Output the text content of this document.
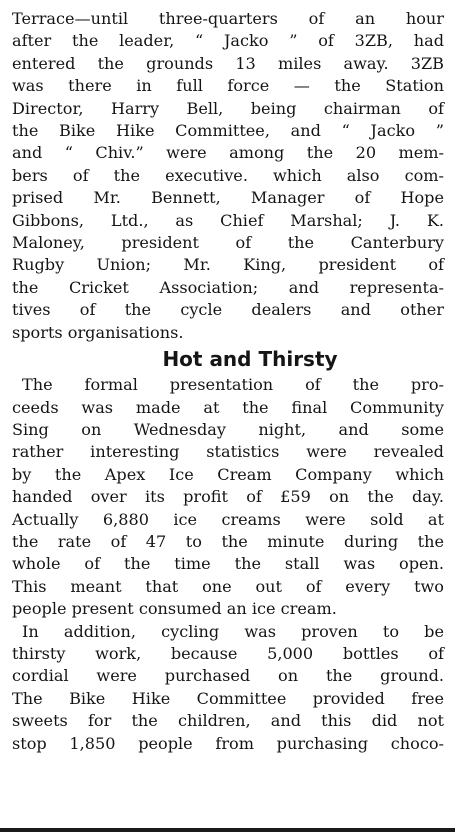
Terrace—until three-quarters of an hour
after the leader, “ Jacko ” of 3ZB, had
entered the grounds 13 miles away. 3ZB
was there in full force — the Station
Director, Harry Bell, being chairman of
the Bike Hike Committee, and “ Jacko ”
and “ Chiv.” were among the 20 mem-
bers of the executive. which also com-
prised Mr. Bennett, Manager of Hope
Gibbons, Ltd., as Chief Marshal; J. K.
Maloney, president of the Canterbury
Rugby Union; Mr. King, president of
the Cricket Association; and representa-
tives of the cycle dealers and other
sports organisations.

Hot and Thirsty

The formal presentation of the pro-
ceeds was made at the final Community
Sing on Wednesday night, and some
rather interesting statistics were revealed
by the Apex Ice Cream Company which
handed over its profit of £59 on the day.
Actually 6,880 ice creams were sold at
the rate of 47 to the minute during the
whole of the time the stall was open.
This meant that one out of every two
people present consumed an ice cream.

In addition, cycling was proven to be
thirsty work, because 5,000 bottles of
cordial were purchased on the ground.
The Bike Hike Committee provided free
sweets for the children, and this did not
stop 1,850 people from purchasing choco-
